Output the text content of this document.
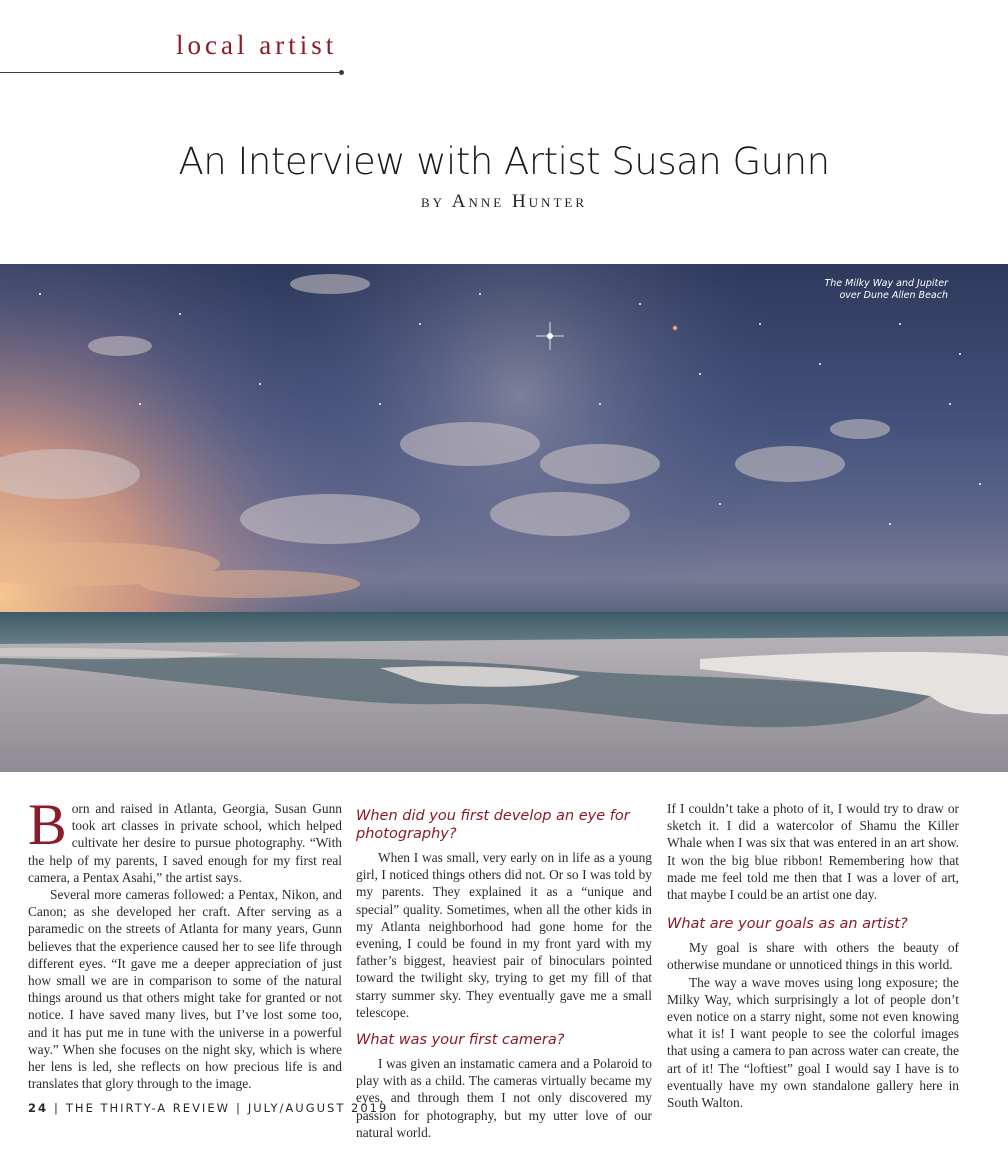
local artist
An Interview with Artist Susan Gunn
by Anne Hunter
The Milky Way and Jupiter
over Dune Allen Beach

Born and raised in Atlanta, Georgia, Susan Gunn took art classes in private school, which helped cultivate her desire to pursue photography. “With the help of my parents, I saved enough for my first real camera, a Pentax Asahi,” the artist says.

Several more cameras followed: a Pentax, Nikon, and Canon; as she developed her craft. After serving as a paramedic on the streets of Atlanta for many years, Gunn believes that the experience caused her to see life through different eyes. “It gave me a deeper appreciation of just how small we are in comparison to some of the natural things around us that others might take for granted or not notice. I have saved many lives, but I’ve lost some too, and it has put me in tune with the universe in a powerful way.” When she focuses on the night sky, which is where her lens is led, she reflects on how precious life is and translates that glory through to the image.

When did you first develop an eye for photography?

When I was small, very early on in life as a young girl, I noticed things others did not. Or so I was told by my parents. They explained it as a “unique and special” quality. Sometimes, when all the other kids in my Atlanta neighborhood had gone home for the evening, I could be found in my front yard with my father’s biggest, heaviest pair of binoculars pointed toward the twilight sky, trying to get my fill of that starry summer sky. They eventually gave me a small telescope.

What was your first camera?

I was given an instamatic camera and a Polaroid to play with as a child. The cameras virtually became my eyes, and through them I not only discovered my passion for photography, but my utter love of our natural world.

If I couldn’t take a photo of it, I would try to draw or sketch it. I did a watercolor of Shamu the Killer Whale when I was six that was entered in an art show. It won the big blue ribbon! Remembering how that made me feel told me then that I was a lover of art, that maybe I could be an artist one day.

What are your goals as an artist?

My goal is share with others the beauty of otherwise mundane or unnoticed things in this world.

The way a wave moves using long exposure; the Milky Way, which surprisingly a lot of people don’t even notice on a starry night, some not even knowing what it is! I want people to see the colorful images that using a camera to pan across water can create, the art of it! The “loftiest” goal I would say I have is to eventually have my own standalone gallery here in South Walton.

24 | THE THIRTY-A REVIEW | JULY/AUGUST 2019
